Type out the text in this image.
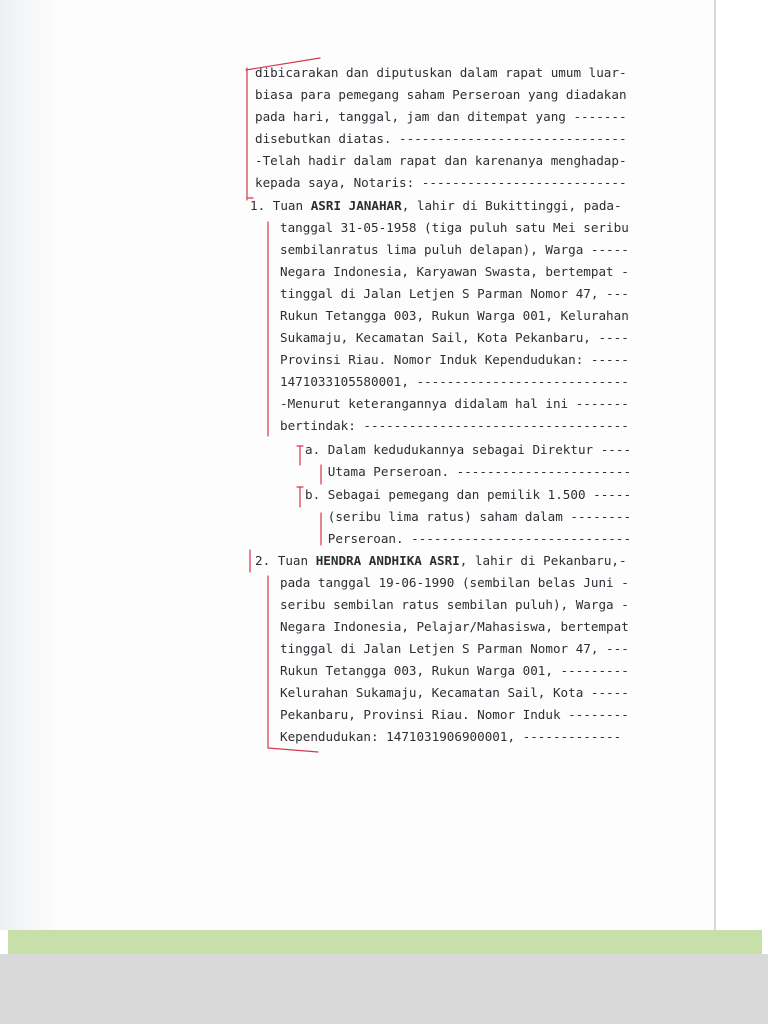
dibicarakan dan diputuskan dalam rapat umum luar-
biasa para pemegang saham Perseroan yang diadakan
pada hari, tanggal, jam dan ditempat yang -------
disebutkan diatas. ------------------------------
-Telah hadir dalam rapat dan karenanya menghadap-
kepada saya, Notaris: ---------------------------
1. Tuan ASRI JANAHAR, lahir di Bukittinggi, pada-
tanggal 31-05-1958 (tiga puluh satu Mei seribu
sembilanratus lima puluh delapan), Warga -----
Negara Indonesia, Karyawan Swasta, bertempat -
tinggal di Jalan Letjen S Parman Nomor 47, ---
Rukun Tetangga 003, Rukun Warga 001, Kelurahan
Sukamaju, Kecamatan Sail, Kota Pekanbaru, ----
Provinsi Riau. Nomor Induk Kependudukan: -----
1471033105580001, ----------------------------
-Menurut keterangannya didalam hal ini -------
bertindak: -----------------------------------
a. Dalam kedudukannya sebagai Direktur ----
Utama Perseroan. -----------------------
b. Sebagai pemegang dan pemilik 1.500 -----
(seribu lima ratus) saham dalam --------
Perseroan. -----------------------------
2. Tuan HENDRA ANDHIKA ASRI, lahir di Pekanbaru,-
pada tanggal 19-06-1990 (sembilan belas Juni -
seribu sembilan ratus sembilan puluh), Warga -
Negara Indonesia, Pelajar/Mahasiswa, bertempat
tinggal di Jalan Letjen S Parman Nomor 47, ---
Rukun Tetangga 003, Rukun Warga 001, ---------
Kelurahan Sukamaju, Kecamatan Sail, Kota -----
Pekanbaru, Provinsi Riau. Nomor Induk --------
Kependudukan: 1471031906900001, -------------
